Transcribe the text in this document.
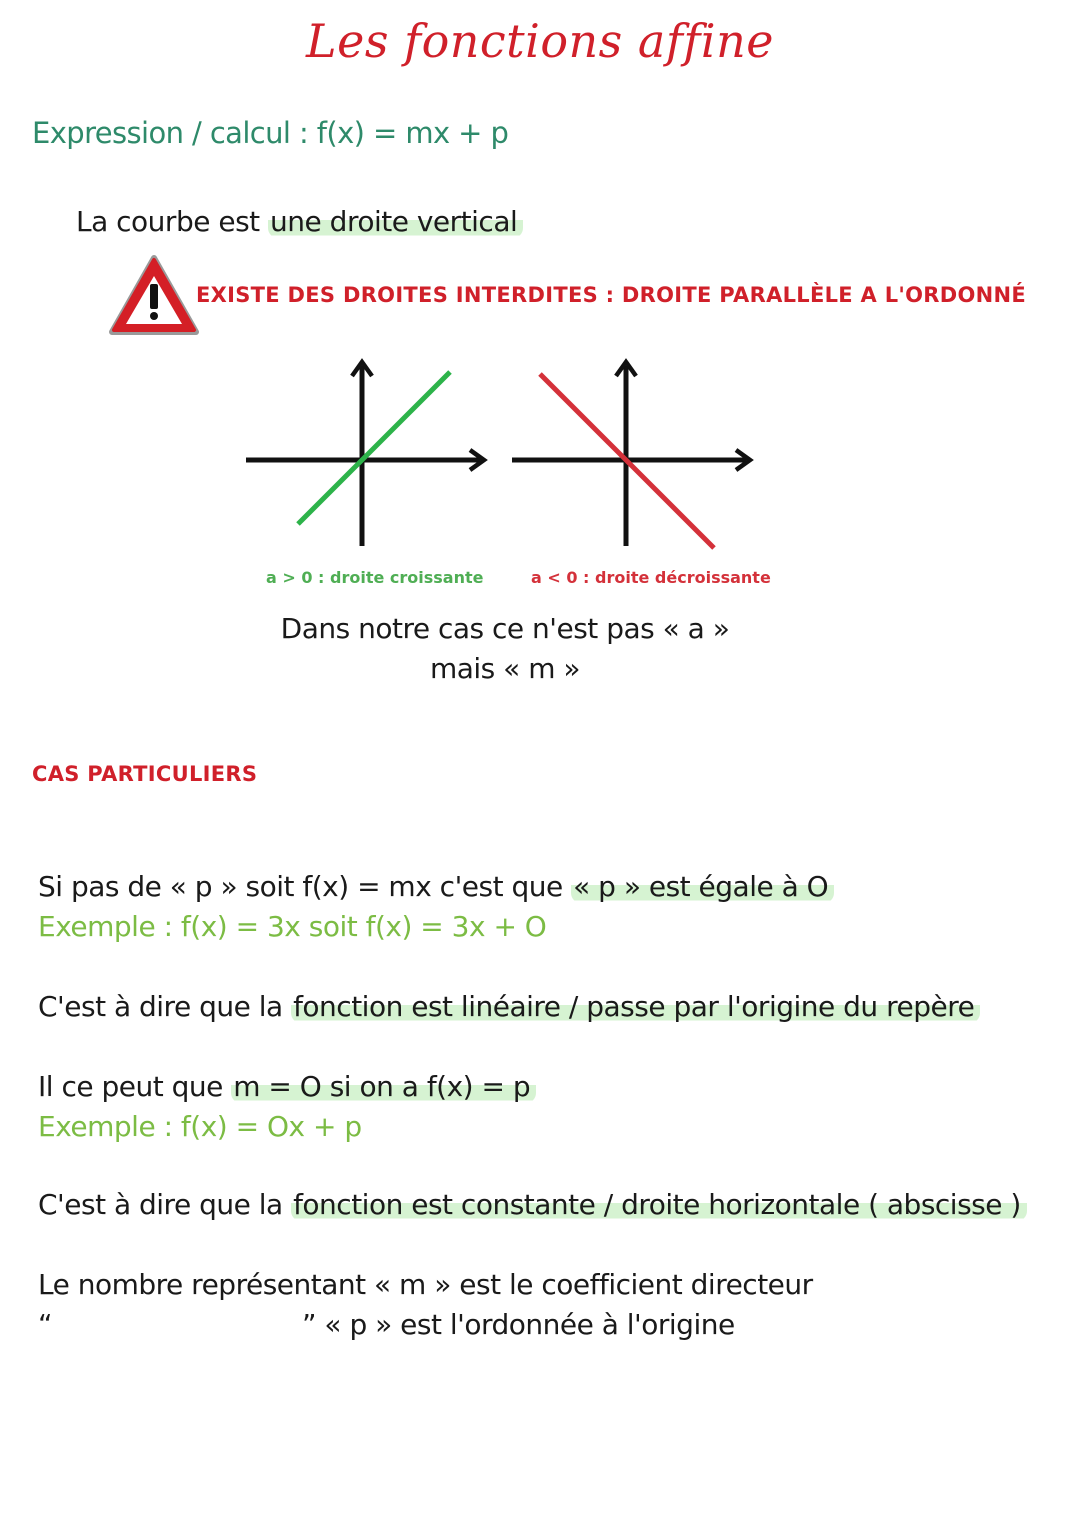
Les fonctions affine
Expression / calcul : f(x) = mx + p
La courbe est une droite vertical
EXISTE DES DROITES INTERDITES : DROITE PARALLÈLE A L'ORDONNÉ
a > 0 : droite croissante	a < 0 : droite décroissante
Dans notre cas ce n'est pas « a »
mais « m »
CAS PARTICULIERS
Si pas de « p » soit f(x) = mx c'est que « p » est égale à O
Exemple : f(x) = 3x soit f(x) = 3x + O
C'est à dire que la fonction est linéaire / passe par l'origine du repère
Il ce peut que m = O si on a f(x) = p
Exemple : f(x) = Ox + p
C'est à dire que la fonction est constante / droite horizontale ( abscisse )
Le nombre représentant « m » est le coefficient directeur
“	” « p » est l'ordonnée à l'origine
